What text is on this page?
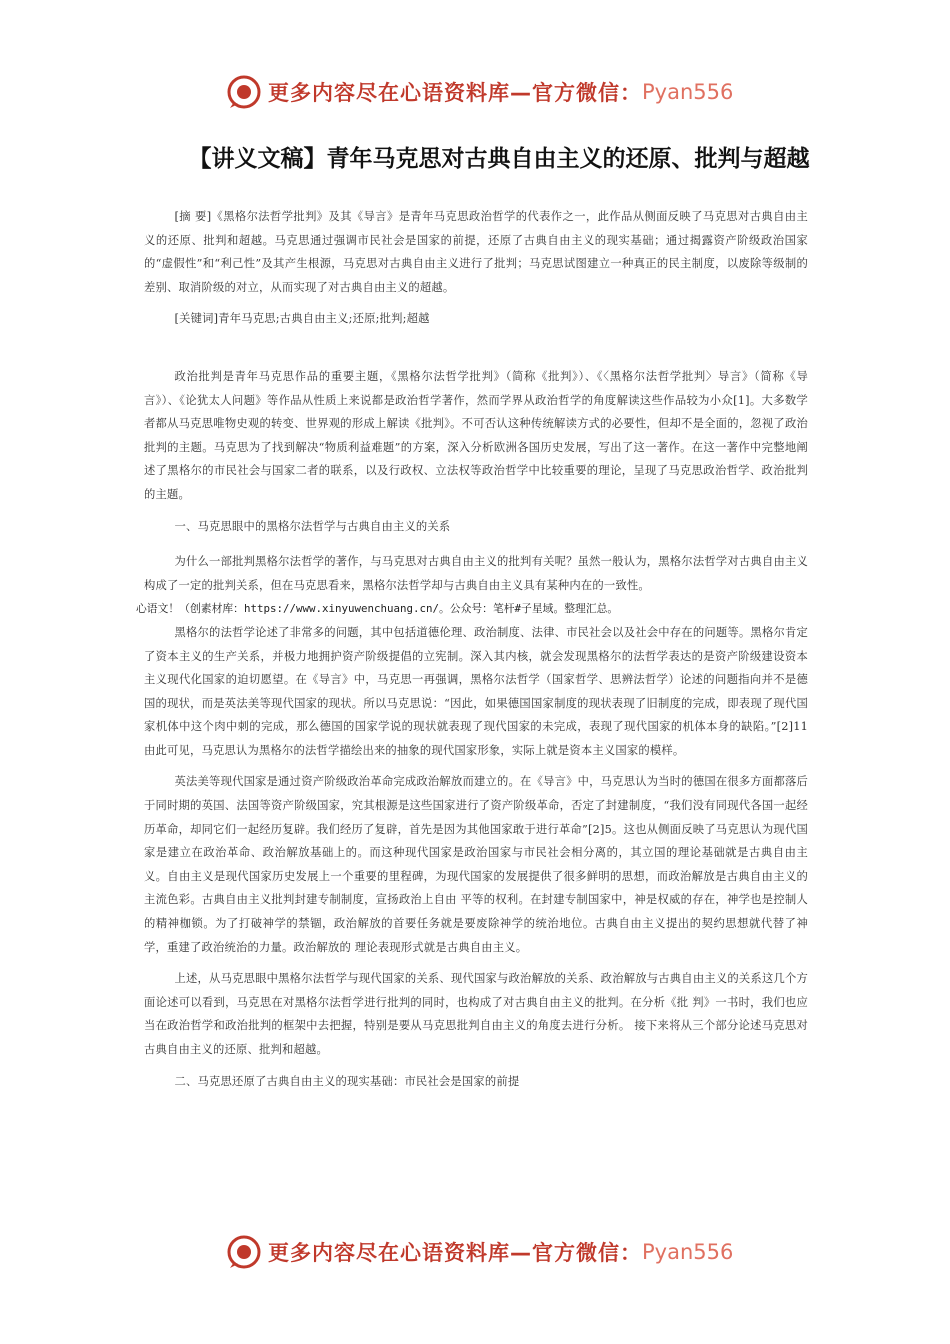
更多内容尽在心语资料库—官方微信： Pyan556
【讲义文稿】青年马克思对古典自由主义的还原、批判与超越

[摘 要]《黑格尔法哲学批判》及其《导言》是青年马克思政治哲学的代表作之一，此作品从侧面反映了马克思对古典自由主义的还原、批判和超越。马克思通过强调市民社会是国家的前提，还原了古典自由主义的现实基础；通过揭露资产阶级政治国家的“虚假性”和“利己性”及其产生根源，马克思对古典自由主义进行了批判；马克思试图建立一种真正的民主制度，以废除等级制的差别、取消阶级的对立，从而实现了对古典自由主义的超越。

[关键词]青年马克思;古典自由主义;还原;批判;超越

政治批判是青年马克思作品的重要主题，《黑格尔法哲学批判》（简称《批判》）、《〈黑格尔法哲学批判〉导言》（简称《导言》）、《论犹太人问题》等作品从性质上来说都是政治哲学著作，然而学界从政治哲学的角度解读这些作品较为小众[1]。大多数学者都从马克思唯物史观的转变、世界观的形成上解读《批判》。不可否认这种传统解读方式的必要性，但却不是全面的，忽视了政治批判的主题。马克思为了找到解决“物质利益难题”的方案，深入分析欧洲各国历史发展，写出了这一著作。在这一著作中完整地阐述了黑格尔的市民社会与国家二者的联系，以及行政权、立法权等政治哲学中比较重要的理论，呈现了马克思政治哲学、政治批判的主题。

一、马克思眼中的黑格尔法哲学与古典自由主义的关系

为什么一部批判黑格尔法哲学的著作，与马克思对古典自由主义的批判有关呢？虽然一般认为，黑格尔法哲学对古典自由主义构成了一定的批判关系，但在马克思看来，黑格尔法哲学却与古典自由主义具有某种内在的一致性。

心语文！（创素材库：https://www.xinyuwenchuang.cn/。公众号：笔杆#子星域。整理汇总。

黑格尔的法哲学论述了非常多的问题，其中包括道德伦理、政治制度、法律、市民社会以及社会中存在的问题等。黑格尔肯定了资本主义的生产关系，并极力地拥护资产阶级提倡的立宪制。深入其内核，就会发现黑格尔的法哲学表达的是资产阶级建设资本主义现代化国家的迫切愿望。在《导言》中，马克思一再强调，黑格尔法哲学（国家哲学、思辨法哲学）论述的问题指向并不是德国的现状，而是英法美等现代国家的现状。所以马克思说：“因此，如果德国国家制度的现状表现了旧制度的完成，即表现了现代国家机体中这个肉中刺的完成，那么德国的国家学说的现状就表现了现代国家的未完成，表现了现代国家的机体本身的缺陷。”[2]11 由此可见，马克思认为黑格尔的法哲学描绘出来的抽象的现代国家形象，实际上就是资本主义国家的模样。

英法美等现代国家是通过资产阶级政治革命完成政治解放而建立的。在《导言》中，马克思认为当时的德国在很多方面都落后于同时期的英国、法国等资产阶级国家，究其根源是这些国家进行了资产阶级革命，否定了封建制度，“我们没有同现代各国一起经历革命，却同它们一起经历复辟。我们经历了复辟，首先是因为其他国家敢于进行革命”[2]5。这也从侧面反映了马克思认为现代国家是建立在政治革命、政治解放基础上的。而这种现代国家是政治国家与市民社会相分离的，其立国的理论基础就是古典自由主义。自由主义是现代国家历史发展上一个重要的里程碑，为现代国家的发展提供了很多鲜明的思想，而政治解放是古典自由主义的主流色彩。古典自由主义批判封建专制制度，宣扬政治上自由 平等的权利。在封建专制国家中，神是权威的存在，神学也是控制人的精神枷锁。为了打破神学的禁锢，政治解放的首要任务就是要废除神学的统治地位。古典自由主义提出的契约思想就代替了神学，重建了政治统治的力量。政治解放的 理论表现形式就是古典自由主义。

上述，从马克思眼中黑格尔法哲学与现代国家的关系、现代国家与政治解放的关系、政治解放与古典自由主义的关系这几个方面论述可以看到，马克思在对黑格尔法哲学进行批判的同时，也构成了对古典自由主义的批判。在分析《批 判》一书时，我们也应当在政治哲学和政治批判的框架中去把握，特别是要从马克思批判自由主义的角度去进行分析。 接下来将从三个部分论述马克思对古典自由主义的还原、批判和超越。

二、马克思还原了古典自由主义的现实基础：市民社会是国家的前提

更多内容尽在心语资料库—官方微信： Pyan556
